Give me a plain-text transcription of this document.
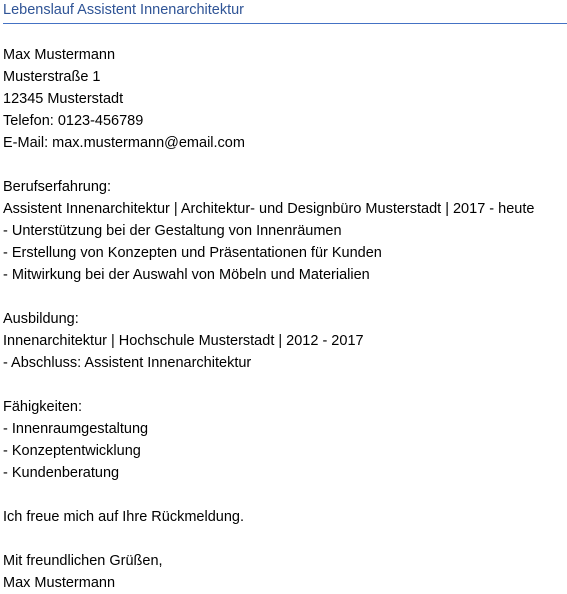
Lebenslauf Assistent Innenarchitektur
Max Mustermann
Musterstraße 1
12345 Musterstadt
Telefon: 0123-456789
E-Mail: max.mustermann@email.com
Berufserfahrung:
Assistent Innenarchitektur | Architektur- und Designbüro Musterstadt | 2017 - heute
- Unterstützung bei der Gestaltung von Innenräumen
- Erstellung von Konzepten und Präsentationen für Kunden
- Mitwirkung bei der Auswahl von Möbeln und Materialien
Ausbildung:
Innenarchitektur | Hochschule Musterstadt | 2012 - 2017
- Abschluss: Assistent Innenarchitektur
Fähigkeiten:
- Innenraumgestaltung
- Konzeptentwicklung
- Kundenberatung
Ich freue mich auf Ihre Rückmeldung.
Mit freundlichen Grüßen,
Max Mustermann
